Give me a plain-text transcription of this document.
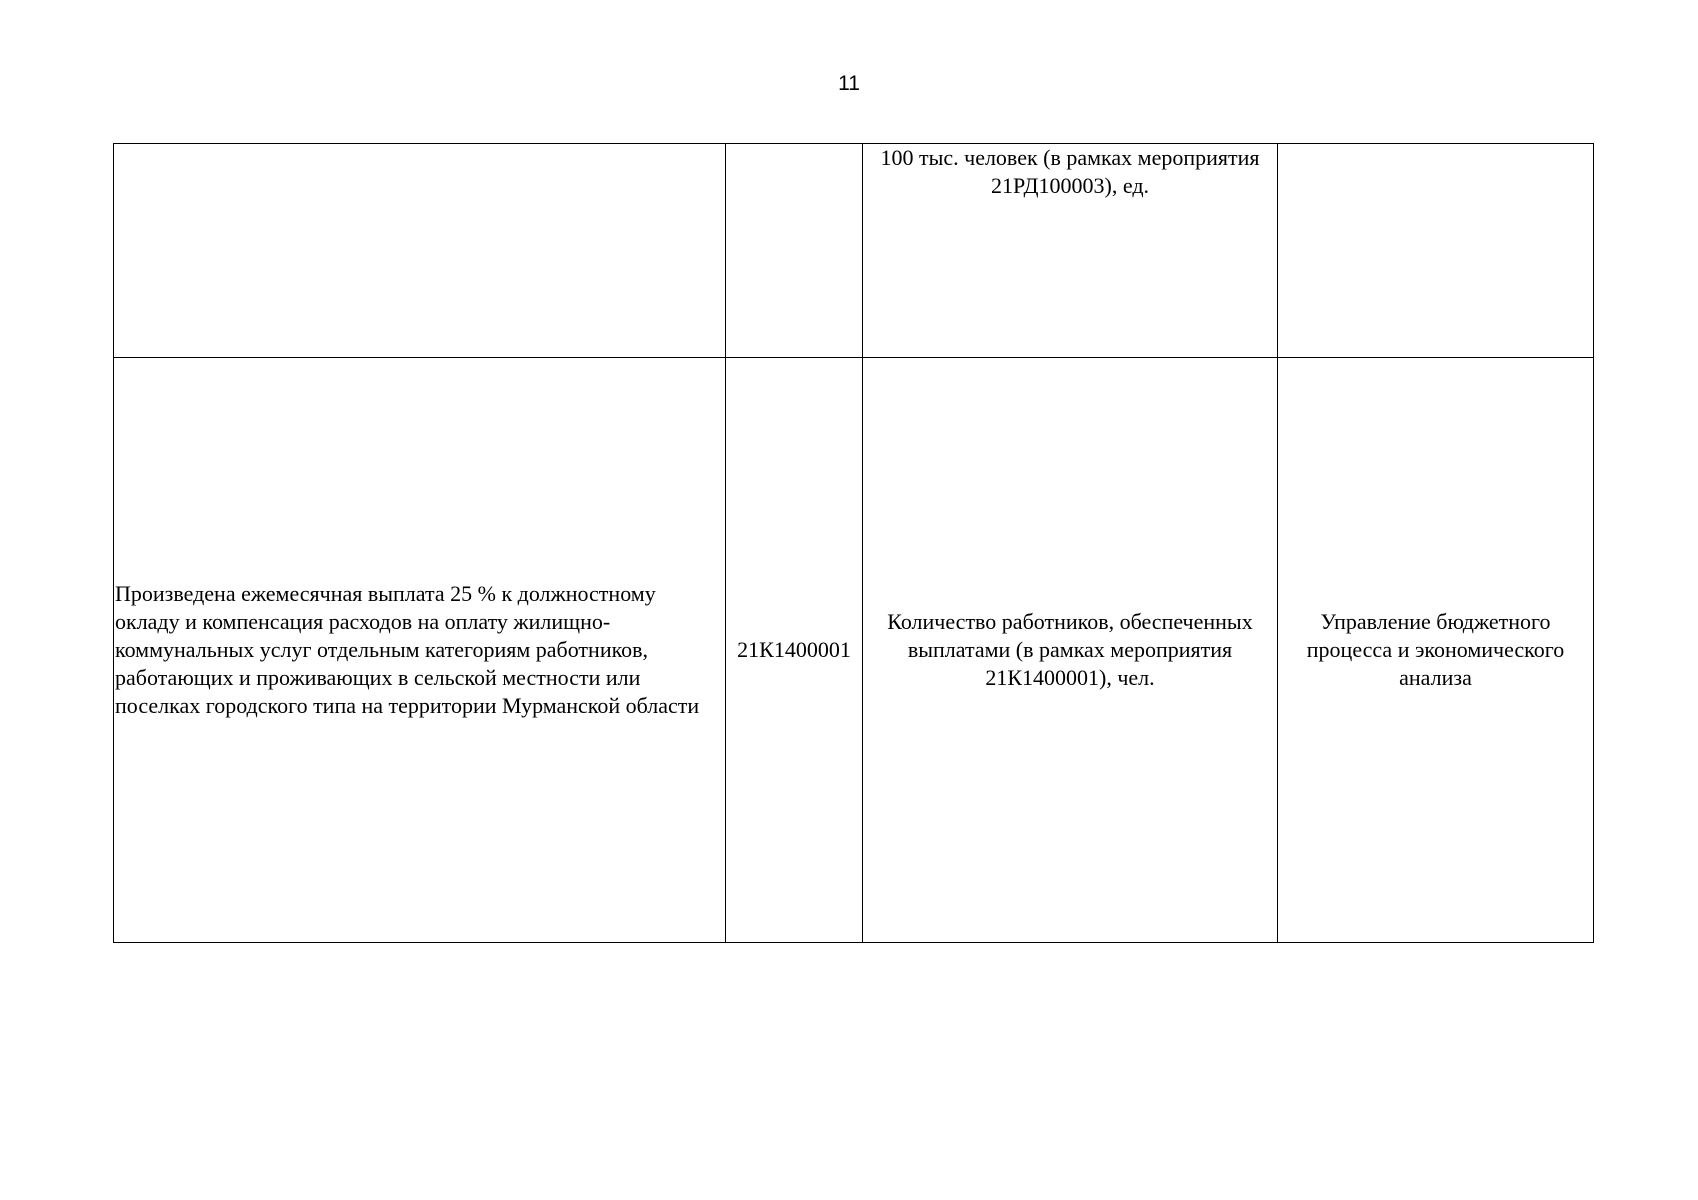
11
		100 тыс. человек (в рамках мероприятия 21РД100003), ед.	
Произведена ежемесячная выплата 25 % к должностному окладу и компенсация расходов на оплату жилищно-коммунальных услуг отдельным категориям работников, работающих и проживающих в сельской местности или поселках городского типа на территории Мурманской области	21К1400001	Количество работников, обеспеченных выплатами (в рамках мероприятия 21К1400001), чел.	Управление бюджетного процесса и экономического анализа
